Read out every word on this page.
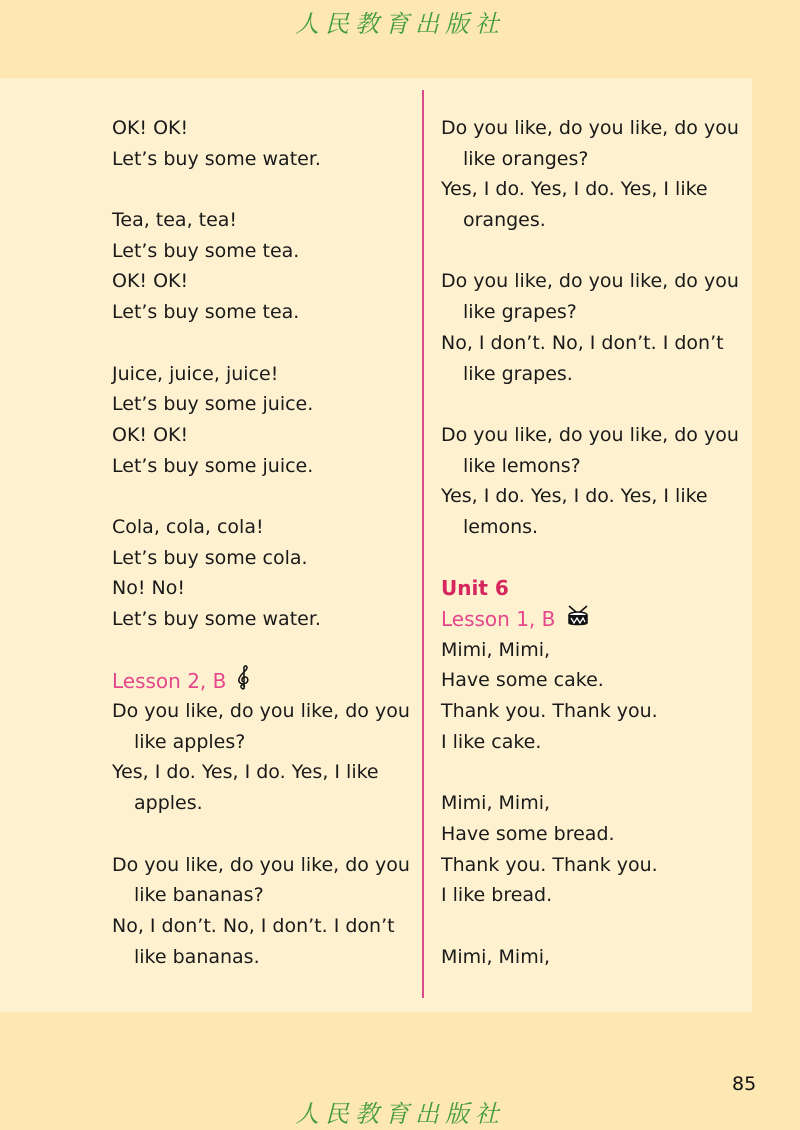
人民教育出版社
OK! OK!
Let’s buy some water.
Tea, tea, tea!
Let’s buy some tea.
OK! OK!
Let’s buy some tea.
Juice, juice, juice!
Let’s buy some juice.
OK! OK!
Let’s buy some juice.
Cola, cola, cola!
Let’s buy some cola.
No! No!
Let’s buy some water.
Lesson 2, B
Do you like, do you like, do you
like apples?
Yes, I do. Yes, I do. Yes, I like
apples.
Do you like, do you like, do you
like bananas?
No, I don’t. No, I don’t. I don’t
like bananas.
Do you like, do you like, do you
like oranges?
Yes, I do. Yes, I do. Yes, I like
oranges.
Do you like, do you like, do you
like grapes?
No, I don’t. No, I don’t. I don’t
like grapes.
Do you like, do you like, do you
like lemons?
Yes, I do. Yes, I do. Yes, I like
lemons.
Unit 6
Lesson 1, B
Mimi, Mimi,
Have some cake.
Thank you. Thank you.
I like cake.
Mimi, Mimi,
Have some bread.
Thank you. Thank you.
I like bread.
Mimi, Mimi,
85
人民教育出版社
